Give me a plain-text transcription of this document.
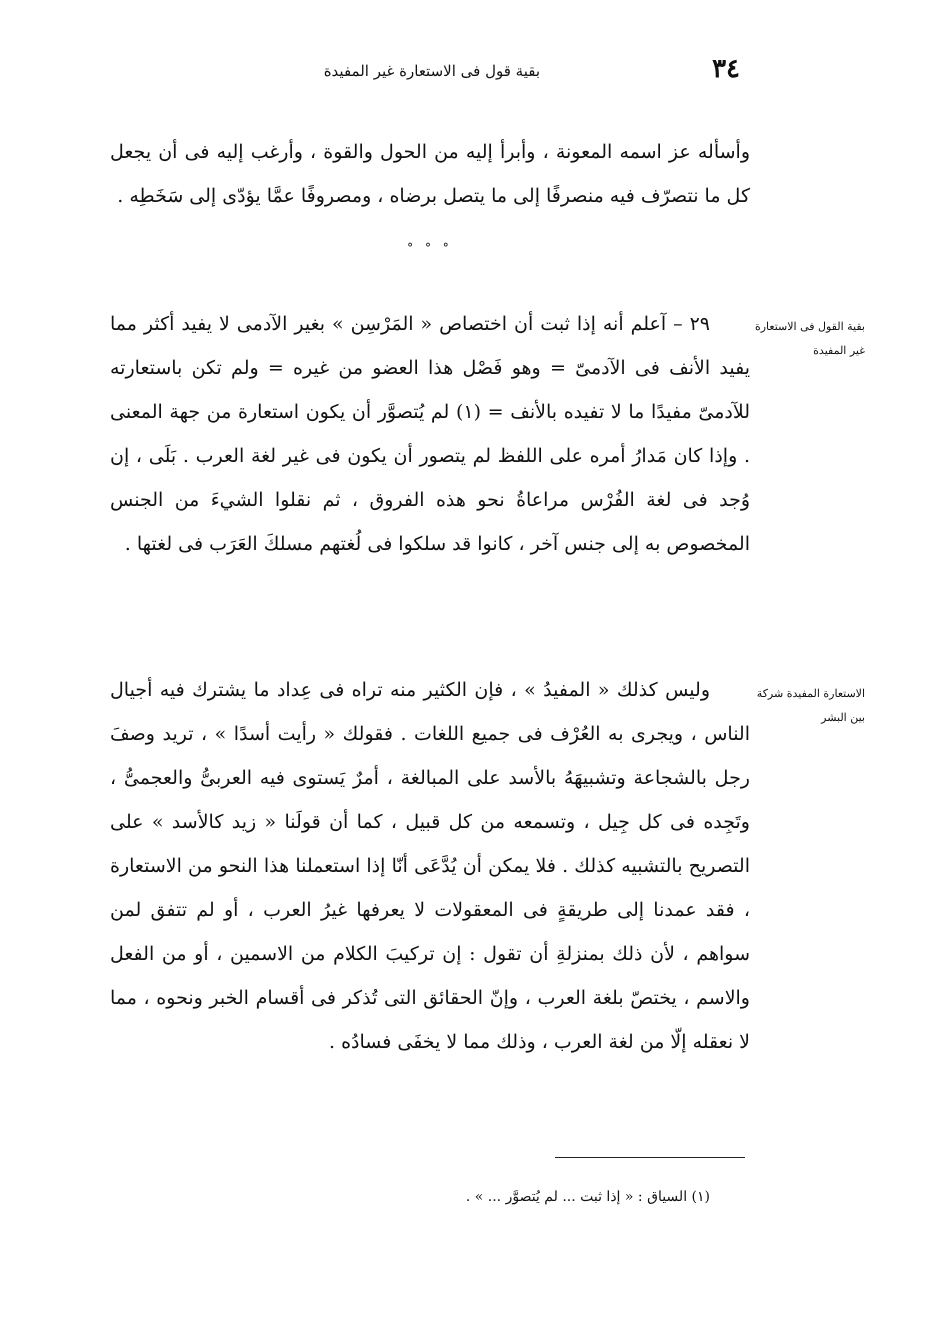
٣٤
بقية قول فى الاستعارة غير المفيدة

وأسأله عز اسمه المعونة ، وأبرأ إليه من الحول والقوة ، وأرغب إليه فى أن يجعل كل ما نتصرّف فيه منصرفًا إلى ما يتصل برضاه ، ومصروفًا عمَّا يؤدّى إلى سَخَطِه .

° ° °
بقية القول فى الاستعارة غير المفيدة

٢٩ – آعلم أنه إذا ثبت أن اختصاص « المَرْسِن » بغير الآدمى لا يفيد أكثر مما يفيد الأنف فى الآدمىّ = وهو فَصْل هذا العضو من غيره = ولم تكن باستعارته للآدمىّ مفيدًا ما لا تفيده بالأنف = (١) لم يُتصوَّر أن يكون استعارة من جهة المعنى . وإذا كان مَدارُ أمره على اللفظ لم يتصور أن يكون فى غير لغة العرب . بَلَى ، إن وُجد فى لغة الفُرْس مراعاةُ نحو هذه الفروق ، ثم نقلوا الشيءَ من الجنس المخصوص به إلى جنس آخر ، كانوا قد سلكوا فى لُغتهم مسلكَ العَرَب فى لغتها .

الاستعارة المفيدة شركة بين البشر

وليس كذلك « المفيدُ » ، فإن الكثير منه تراه فى عِداد ما يشترك فيه أجيال الناس ، ويجرى به العُرْف فى جميع اللغات . فقولك « رأيت أسدًا » ، تريد وصفَ رجل بالشجاعة وتشبيهَهُ بالأسد على المبالغة ، أمرٌ يَستوى فيه العربىُّ والعجمىُّ ، وتَجِده فى كل جِيل ، وتسمعه من كل قبيل ، كما أن قولَنا « زيد كالأسد » على التصريح بالتشبيه كذلك . فلا يمكن أن يُدَّعَى أنّا إذا استعملنا هذا النحو من الاستعارة ، فقد عمدنا إلى طريقةٍ فى المعقولات لا يعرفها غيرُ العرب ، أو لم تتفق لمن سواهم ، لأن ذلك بمنزلةِ أن تقول : إن تركيبَ الكلام من الاسمين ، أو من الفعل والاسم ، يختصّ بلغة العرب ، وإنّ الحقائق التى تُذكر فى أقسام الخبر ونحوه ، مما لا نعقله إلّا من لغة العرب ، وذلك مما لا يخفَى فسادُه .

(١) السياق : « إذا ثبت ... لم يُتصوَّر ... » .
